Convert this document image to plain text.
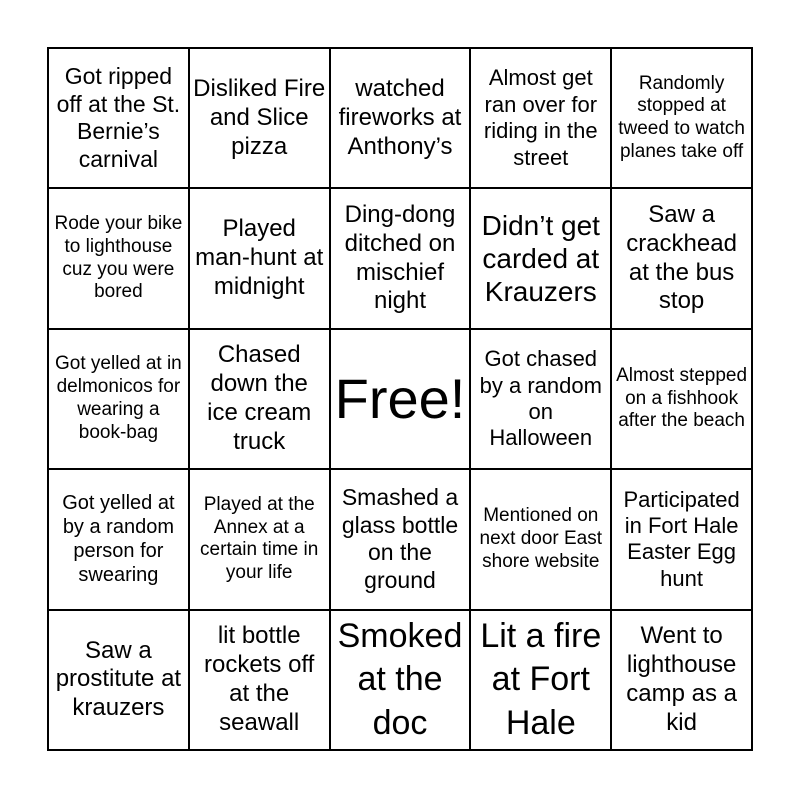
Got ripped off at the St. Bernie’s carnival
Disliked Fire and Slice pizza
watched fireworks at Anthony’s
Almost get ran over for riding in the street
Randomly stopped at tweed to watch planes take off
Rode your bike to lighthouse cuz you were bored
Played man-hunt at midnight
Ding-dong ditched on mischief night
Didn’t get carded at Krauzers
Saw a crackhead at the bus stop
Got yelled at in delmonicos for wearing a book-bag
Chased down the ice cream truck
Free!
Got chased by a random on Halloween
Almost stepped on a fishhook after the beach
Got yelled at by a random person for swearing
Played at the Annex at a certain time in your life
Smashed a glass bottle on the ground
Mentioned on next door East shore website
Participated in Fort Hale Easter Egg hunt
Saw a prostitute at krauzers
lit bottle rockets off at the seawall
Smoked at the doc
Lit a fire at Fort Hale
Went to lighthouse camp as a kid
